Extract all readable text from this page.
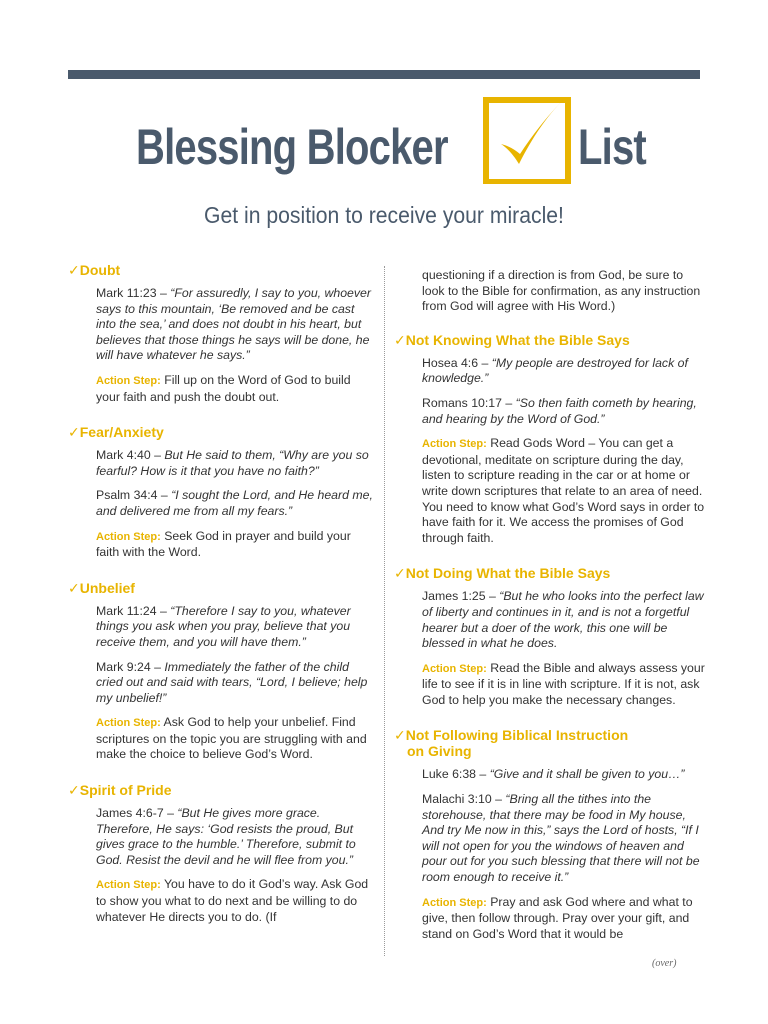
Blessing Blocker	List
Get in position to receive your miracle!
✓Doubt
Mark 11:23 – “For assuredly, I say to you, whoever says to this mountain, ‘Be removed and be cast into the sea,’ and does not doubt in his heart, but believes that those things he says will be done, he will have whatever he says.”
Action Step: Fill up on the Word of God to build your faith and push the doubt out.
✓Fear/Anxiety
Mark 4:40 – But He said to them, “Why are you so fearful? How is it that you have no faith?”
Psalm 34:4 – “I sought the Lord, and He heard me, and delivered me from all my fears.”
Action Step: Seek God in prayer and build your faith with the Word.
✓Unbelief
Mark 11:24 – “Therefore I say to you, whatever things you ask when you pray, believe that you receive them, and you will have them.”
Mark 9:24 – Immediately the father of the child cried out and said with tears, “Lord, I believe; help my unbelief!”
Action Step: Ask God to help your unbelief. Find scriptures on the topic you are struggling with and make the choice to believe God’s Word.
✓Spirit of Pride
James 4:6-7 – “But He gives more grace. Therefore, He says: ‘God resists the proud, But gives grace to the humble.’ Therefore, submit to God. Resist the devil and he will flee from you.”
Action Step: You have to do it God’s way. Ask God to show you what to do next and be willing to do whatever He directs you to do. (If
questioning if a direction is from God, be sure to look to the Bible for confirmation, as any instruction from God will agree with His Word.)
✓Not Knowing What the Bible Says
Hosea 4:6 – “My people are destroyed for lack of knowledge.”
Romans 10:17 – “So then faith cometh by hearing, and hearing by the Word of God.”
Action Step: Read Gods Word – You can get a devotional, meditate on scripture during the day, listen to scripture reading in the car or at home or write down scriptures that relate to an area of need. You need to know what God’s Word says in order to have faith for it. We access the promises of God through faith.
✓Not Doing What the Bible Says
James 1:25 – “But he who looks into the perfect law of liberty and continues in it, and is not a forgetful hearer but a doer of the work, this one will be blessed in what he does.
Action Step: Read the Bible and always assess your life to see if it is in line with scripture. If it is not, ask God to help you make the necessary changes.
✓Not Following Biblical Instruction
on Giving
Luke 6:38 – “Give and it shall be given to you…”
Malachi 3:10 – “Bring all the tithes into the storehouse, that there may be food in My house, And try Me now in this,” says the Lord of hosts, “If I will not open for you the windows of heaven and pour out for you such blessing that there will not be room enough to receive it.”
Action Step: Pray and ask God where and what to give, then follow through. Pray over your gift, and stand on God’s Word that it would be
(over)
